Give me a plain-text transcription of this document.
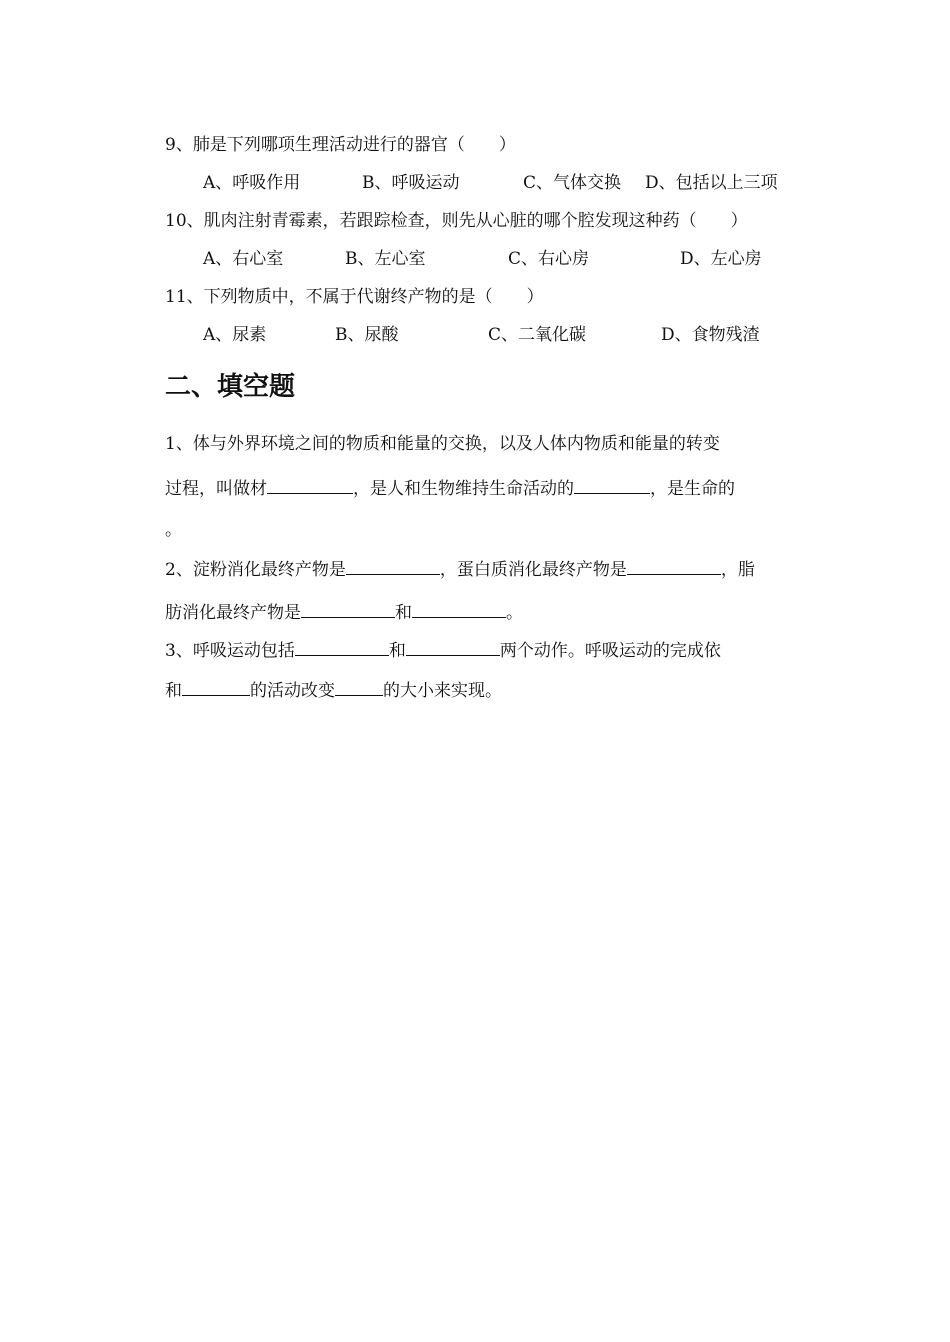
9、肺是下列哪项生理活动进行的器官（　　）
A、呼吸作用	B、呼吸运动	C、气体交换 D、包括以上三项
10、肌肉注射青霉素，若跟踪检查，则先从心脏的哪个腔发现这种药（　　）
A、右心室	B、左心室	C、右心房	D、左心房
11、下列物质中，不属于代谢终产物的是（　　）
A、尿素	B、尿酸	C、二氧化碳	D、食物残渣
二、填空题
1、体与外界环境之间的物质和能量的交换，以及人体内物质和能量的转变
过程，叫做材	，是人和生物维持生命活动的	，是生命的
。
2、淀粉消化最终产物是	，蛋白质消化最终产物是	，脂
肪消化最终产物是	和	。
3、呼吸运动包括	和	两个动作。呼吸运动的完成依
和	的活动改变	的大小来实现。
